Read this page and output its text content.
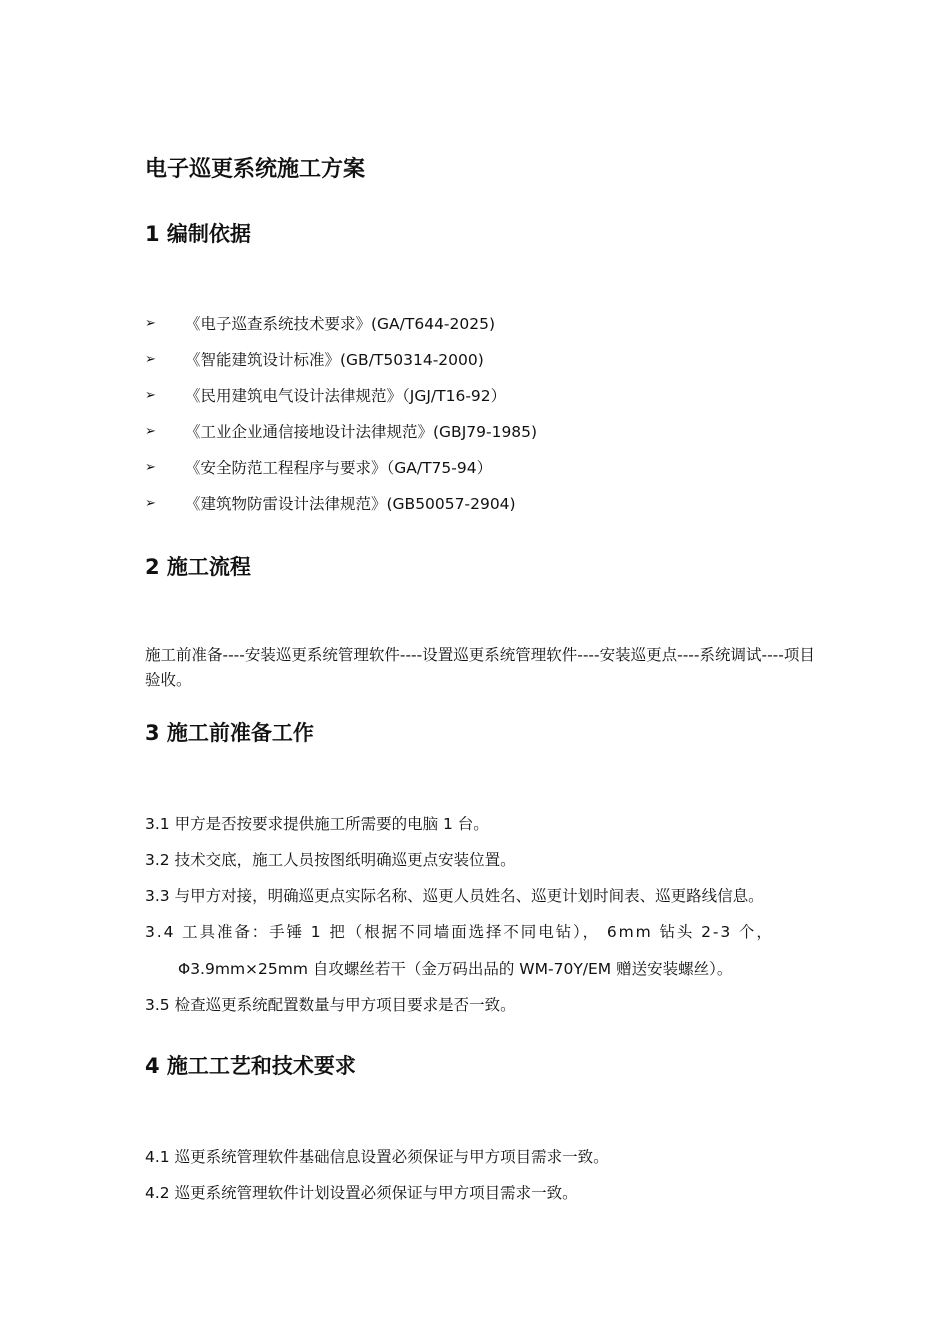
电子巡更系统施工方案
1 编制依据
➢	《电子巡查系统技术要求》(GA/T644-2025)
➢	《智能建筑设计标准》(GB/T50314-2000)
➢	《民用建筑电气设计法律规范》（JGJ/T16-92）
➢	《工业企业通信接地设计法律规范》(GBJ79-1985)
➢	《安全防范工程程序与要求》（GA/T75-94）
➢	《建筑物防雷设计法律规范》(GB50057-2904)
2 施工流程

施工前准备----安装巡更系统管理软件----设置巡更系统管理软件----安装巡更点----系统调试----项目验收。

3 施工前准备工作

3.1 甲方是否按要求提供施工所需要的电脑 1 台。

3.2 技术交底，施工人员按图纸明确巡更点安装位置。

3.3 与甲方对接，明确巡更点实际名称、巡更人员姓名、巡更计划时间表、巡更路线信息。

3.4 工具准备：手锤 1 把（根据不同墙面选择不同电钻）， 6mm 钻头 2-3 个，

Φ3.9mm×25mm 自攻螺丝若干（金万码出品的 WM-70Y/EM 赠送安装螺丝）。

3.5 检查巡更系统配置数量与甲方项目要求是否一致。

4 施工工艺和技术要求

4.1 巡更系统管理软件基础信息设置必须保证与甲方项目需求一致。

4.2 巡更系统管理软件计划设置必须保证与甲方项目需求一致。
